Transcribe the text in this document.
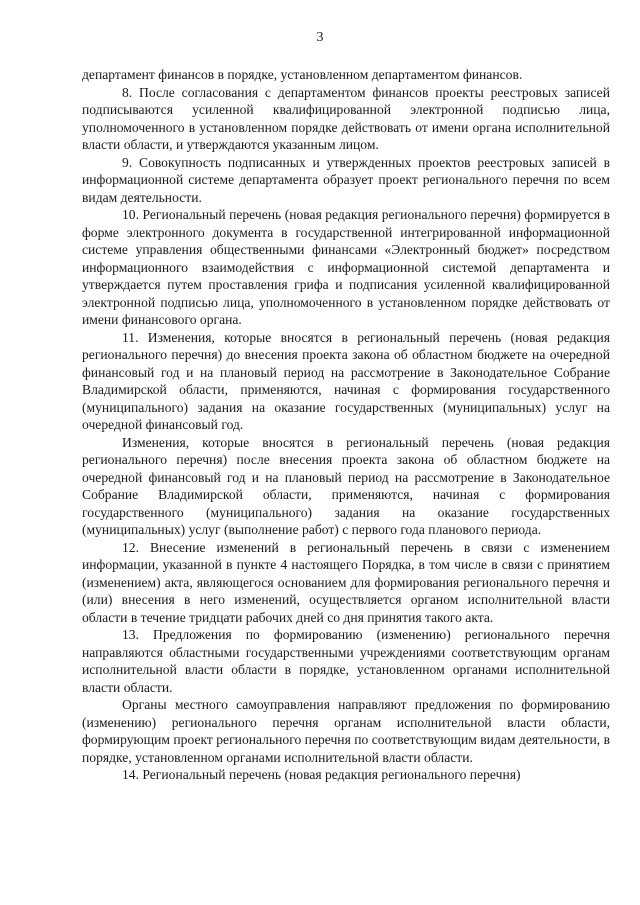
3

департамент финансов в порядке, установленном департаментом финансов.

8. После согласования с департаментом финансов проекты реестровых записей подписываются усиленной квалифицированной электронной подписью лица, уполномоченного в установленном порядке действовать от имени органа исполнительной власти области, и утверждаются указанным лицом.

9. Совокупность подписанных и утвержденных проектов реестровых записей в информационной системе департамента образует проект регионального перечня по всем видам деятельности.

10. Региональный перечень (новая редакция регионального перечня) формируется в форме электронного документа в государственной интегрированной информационной системе управления общественными финансами «Электронный бюджет» посредством информационного взаимодействия с информационной системой департамента и утверждается путем проставления грифа и подписания усиленной квалифицированной электронной подписью лица, уполномоченного в установленном порядке действовать от имени финансового органа.

11. Изменения, которые вносятся в региональный перечень (новая редакция регионального перечня) до внесения проекта закона об областном бюджете на очередной финансовый год и на плановый период на рассмотрение в Законодательное Собрание Владимирской области, применяются, начиная с формирования государственного (муниципального) задания на оказание государственных (муниципальных) услуг на очередной финансовый год.

Изменения, которые вносятся в региональный перечень (новая редакция регионального перечня) после внесения проекта закона об областном бюджете на очередной финансовый год и на плановый период на рассмотрение в Законодательное Собрание Владимирской области, применяются, начиная с формирования государственного (муниципального) задания на оказание государственных (муниципальных) услуг (выполнение работ) с первого года планового периода.

12. Внесение изменений в региональный перечень в связи с изменением информации, указанной в пункте 4 настоящего Порядка, в том числе в связи с принятием (изменением) акта, являющегося основанием для формирования регионального перечня и (или) внесения в него изменений, осуществляется органом исполнительной власти области в течение тридцати рабочих дней со дня принятия такого акта.

13. Предложения по формированию (изменению) регионального перечня направляются областными государственными учреждениями соответствующим органам исполнительной власти области в порядке, установленном органами исполнительной власти области.

Органы местного самоуправления направляют предложения по формированию (изменению) регионального перечня органам исполнительной власти области, формирующим проект регионального перечня по соответствующим видам деятельности, в порядке, установленном органами исполнительной власти области.

14. Региональный перечень (новая редакция регионального перечня)
